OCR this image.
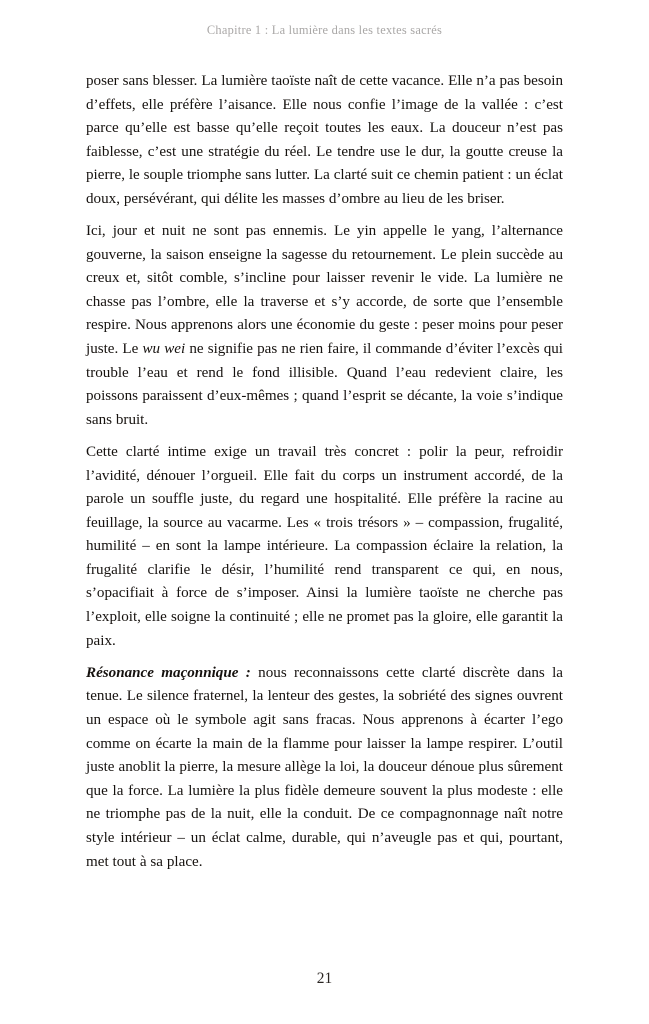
Chapitre 1 : La lumière dans les textes sacrés

poser sans blesser. La lumière taoïste naît de cette vacance. Elle n’a pas besoin d’effets, elle préfère l’aisance. Elle nous confie l’image de la vallée : c’est parce qu’elle est basse qu’elle reçoit toutes les eaux. La douceur n’est pas faiblesse, c’est une stratégie du réel. Le tendre use le dur, la goutte creuse la pierre, le souple triomphe sans lutter. La clarté suit ce chemin patient : un éclat doux, persévérant, qui délite les masses d’ombre au lieu de les briser.

Ici, jour et nuit ne sont pas ennemis. Le yin appelle le yang, l’alternance gouverne, la saison enseigne la sagesse du retournement. Le plein succède au creux et, sitôt comble, s’incline pour laisser revenir le vide. La lumière ne chasse pas l’ombre, elle la traverse et s’y accorde, de sorte que l’ensemble respire. Nous apprenons alors une économie du geste : peser moins pour peser juste. Le wu wei ne signifie pas ne rien faire, il commande d’éviter l’excès qui trouble l’eau et rend le fond illisible. Quand l’eau redevient claire, les poissons paraissent d’eux-mêmes ; quand l’esprit se décante, la voie s’indique sans bruit.

Cette clarté intime exige un travail très concret : polir la peur, refroidir l’avidité, dénouer l’orgueil. Elle fait du corps un instrument accordé, de la parole un souffle juste, du regard une hospitalité. Elle préfère la racine au feuillage, la source au vacarme. Les « trois trésors » – compassion, frugalité, humilité – en sont la lampe intérieure. La compassion éclaire la relation, la frugalité clarifie le désir, l’humilité rend transparent ce qui, en nous, s’opacifiait à force de s’imposer. Ainsi la lumière taoïste ne cherche pas l’exploit, elle soigne la continuité ; elle ne promet pas la gloire, elle garantit la paix.

Résonance maçonnique : nous reconnaissons cette clarté discrète dans la tenue. Le silence fraternel, la lenteur des gestes, la sobriété des signes ouvrent un espace où le symbole agit sans fracas. Nous apprenons à écarter l’ego comme on écarte la main de la flamme pour laisser la lampe respirer. L’outil juste anoblit la pierre, la mesure allège la loi, la douceur dénoue plus sûrement que la force. La lumière la plus fidèle demeure souvent la plus modeste : elle ne triomphe pas de la nuit, elle la conduit. De ce compagnonnage naît notre style intérieur – un éclat calme, durable, qui n’aveugle pas et qui, pourtant, met tout à sa place.

21
